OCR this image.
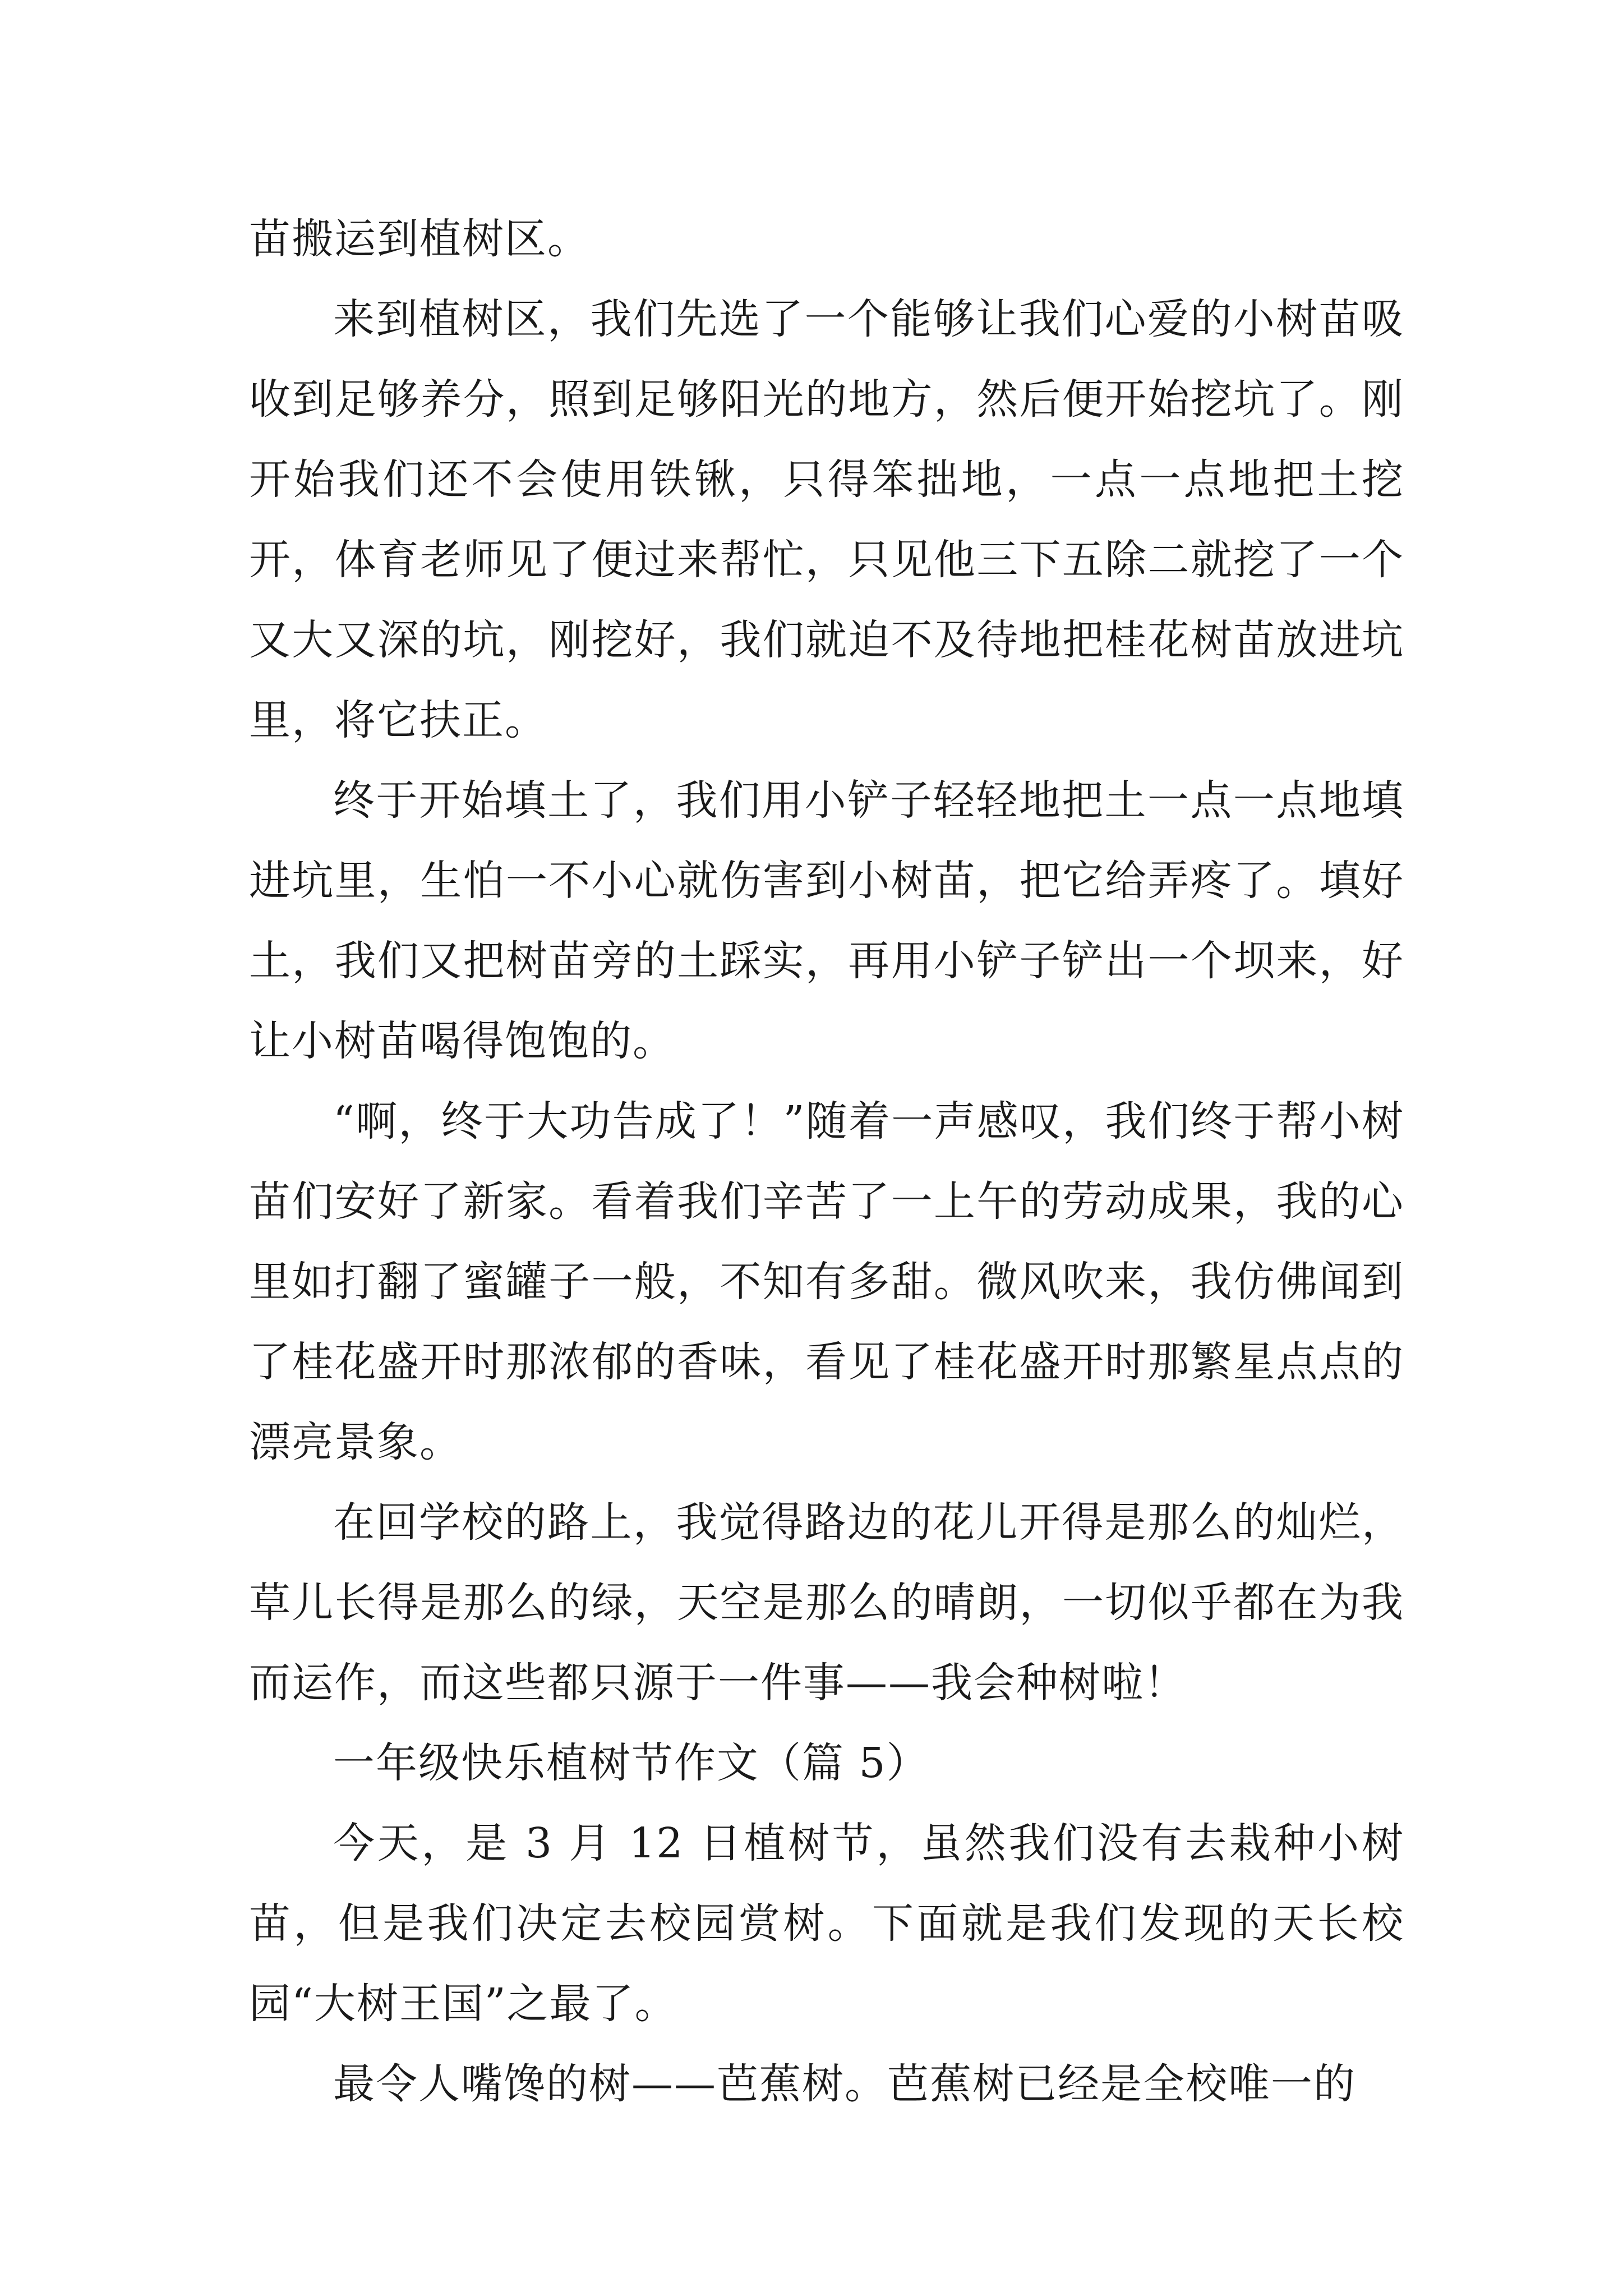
苗搬运到植树区。

来到植树区，我们先选了一个能够让我们心爱的小树苗吸收到足够养分，照到足够阳光的地方，然后便开始挖坑了。刚开始我们还不会使用铁锹，只得笨拙地，一点一点地把土挖开，体育老师见了便过来帮忙，只见他三下五除二就挖了一个又大又深的坑，刚挖好，我们就迫不及待地把桂花树苗放进坑里，将它扶正。

终于开始填土了，我们用小铲子轻轻地把土一点一点地填进坑里，生怕一不小心就伤害到小树苗，把它给弄疼了。填好土，我们又把树苗旁的土踩实，再用小铲子铲出一个坝来，好让小树苗喝得饱饱的。

“啊，终于大功告成了！”随着一声感叹，我们终于帮小树苗们安好了新家。看着我们辛苦了一上午的劳动成果，我的心里如打翻了蜜罐子一般，不知有多甜。微风吹来，我仿佛闻到了桂花盛开时那浓郁的香味，看见了桂花盛开时那繁星点点的漂亮景象。

在回学校的路上，我觉得路边的花儿开得是那么的灿烂，草儿长得是那么的绿，天空是那么的晴朗，一切似乎都在为我而运作，而这些都只源于一件事——我会种树啦！

一年级快乐植树节作文（篇 5）

今天，是 3 月 12 日植树节，虽然我们没有去栽种小树苗，但是我们决定去校园赏树。下面就是我们发现的天长校园“大树王国”之最了。

最令人嘴馋的树——芭蕉树。芭蕉树已经是全校唯一的
